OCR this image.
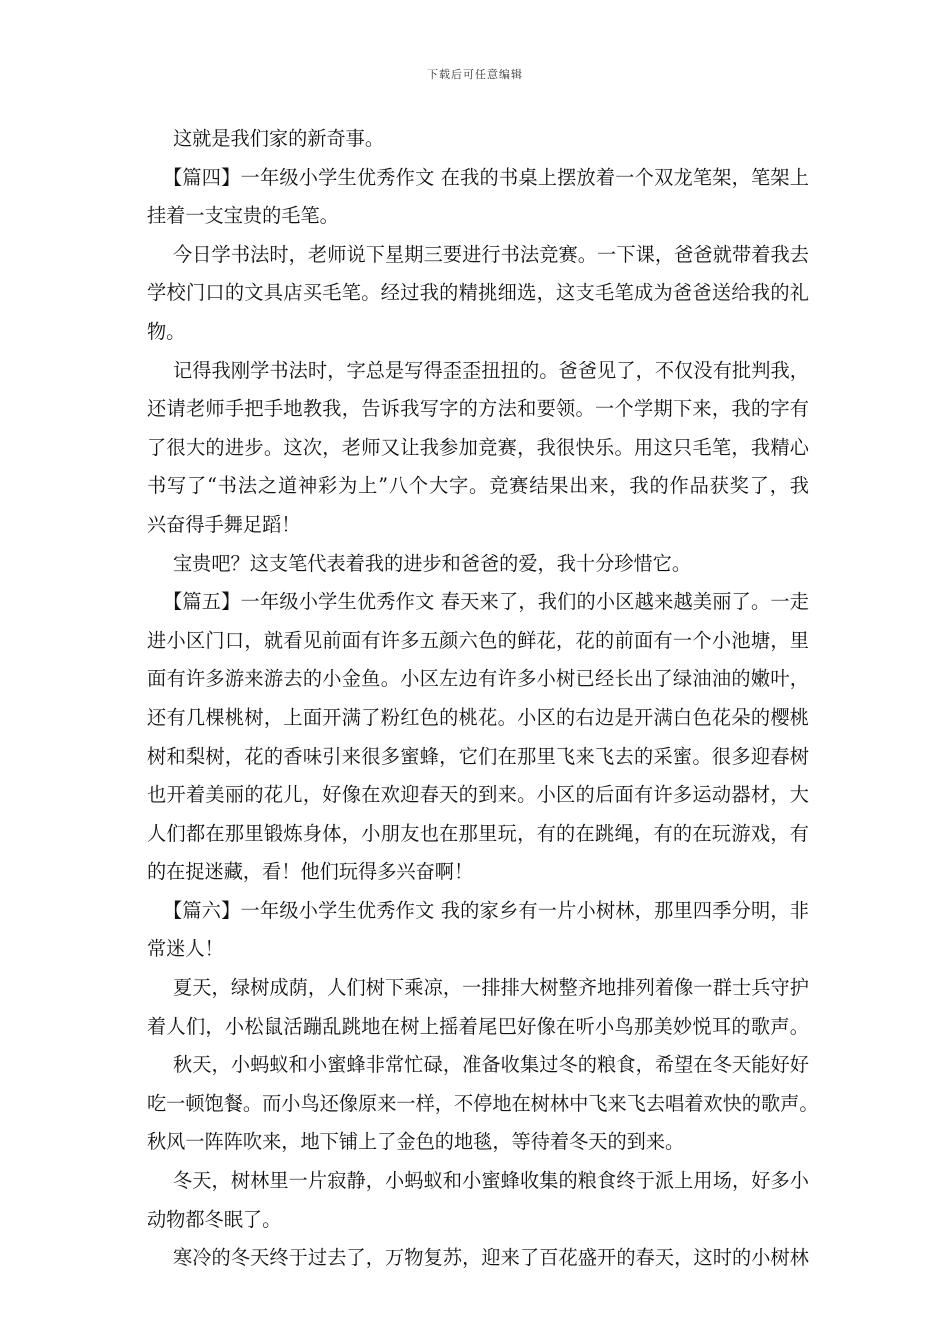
下载后可任意编辑
这就是我们家的新奇事。
【篇四】一年级小学生优秀作文 在我的书桌上摆放着一个双龙笔架，笔架上
挂着一支宝贵的毛笔。
今日学书法时，老师说下星期三要进行书法竞赛。一下课，爸爸就带着我去
学校门口的文具店买毛笔。经过我的精挑细选，这支毛笔成为爸爸送给我的礼
物。
记得我刚学书法时，字总是写得歪歪扭扭的。爸爸见了，不仅没有批判我，
还请老师手把手地教我，告诉我写字的方法和要领。一个学期下来，我的字有
了很大的进步。这次，老师又让我参加竞赛，我很快乐。用这只毛笔，我精心
书写了“书法之道神彩为上”八个大字。竞赛结果出来，我的作品获奖了，我
兴奋得手舞足蹈！
宝贵吧？这支笔代表着我的进步和爸爸的爱，我十分珍惜它。
【篇五】一年级小学生优秀作文 春天来了，我们的小区越来越美丽了。一走
进小区门口，就看见前面有许多五颜六色的鲜花，花的前面有一个小池塘，里
面有许多游来游去的小金鱼。小区左边有许多小树已经长出了绿油油的嫩叶，
还有几棵桃树，上面开满了粉红色的桃花。小区的右边是开满白色花朵的樱桃
树和梨树，花的香味引来很多蜜蜂，它们在那里飞来飞去的采蜜。很多迎春树
也开着美丽的花儿，好像在欢迎春天的到来。小区的后面有许多运动器材，大
人们都在那里锻炼身体，小朋友也在那里玩，有的在跳绳，有的在玩游戏，有
的在捉迷藏，看！他们玩得多兴奋啊！
【篇六】一年级小学生优秀作文 我的家乡有一片小树林，那里四季分明，非
常迷人！
夏天，绿树成荫，人们树下乘凉，一排排大树整齐地排列着像一群士兵守护
着人们，小松鼠活蹦乱跳地在树上摇着尾巴好像在听小鸟那美妙悦耳的歌声。
秋天，小蚂蚁和小蜜蜂非常忙碌，准备收集过冬的粮食，希望在冬天能好好
吃一顿饱餐。而小鸟还像原来一样，不停地在树林中飞来飞去唱着欢快的歌声。
秋风一阵阵吹来，地下铺上了金色的地毯，等待着冬天的到来。
冬天，树林里一片寂静，小蚂蚁和小蜜蜂收集的粮食终于派上用场，好多小
动物都冬眠了。
寒冷的冬天终于过去了，万物复苏，迎来了百花盛开的春天，这时的小树林
